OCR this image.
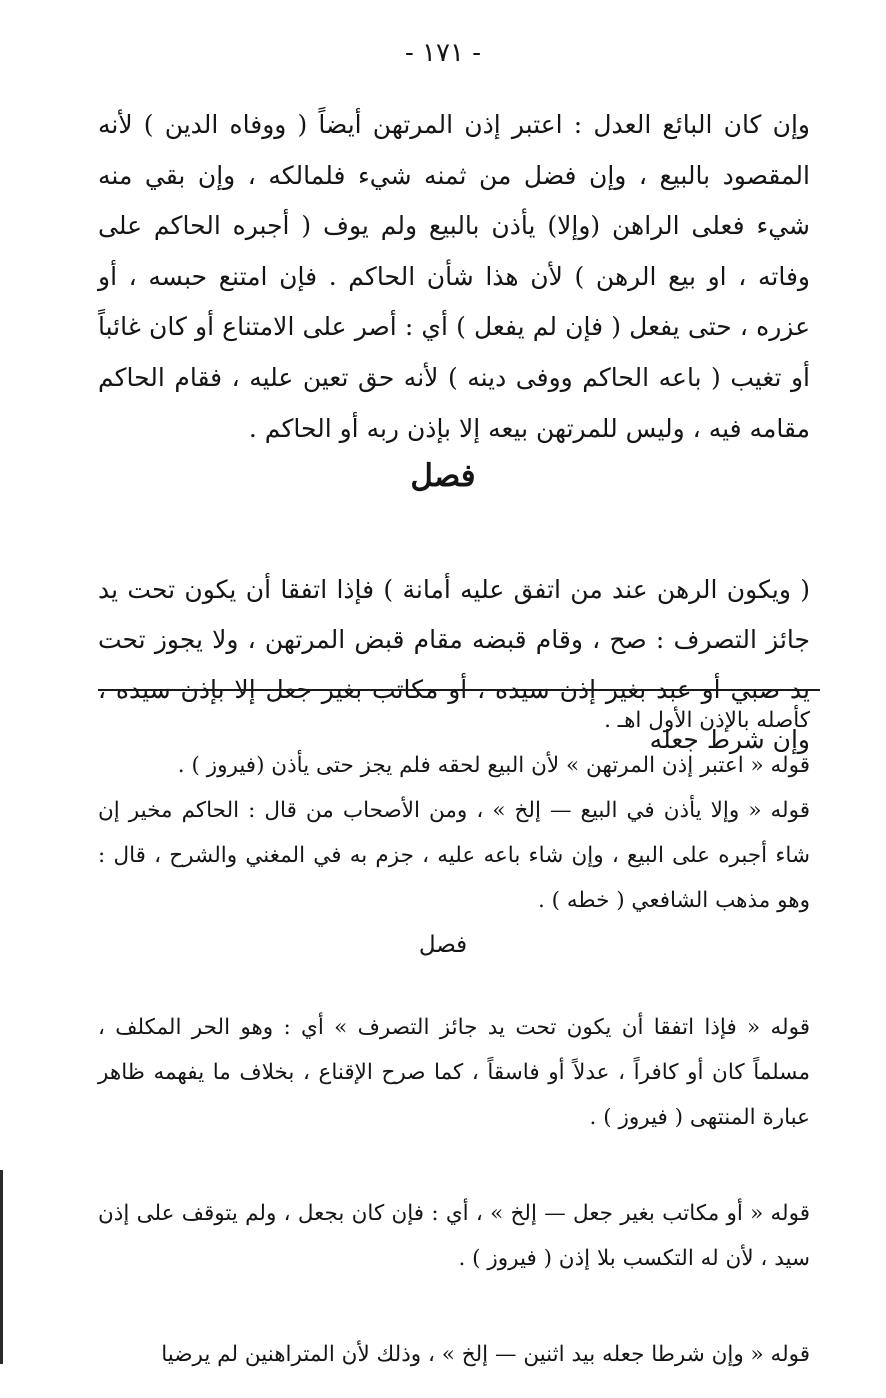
- ١٧١ -

وإن كان البائع العدل : اعتبر إذن المرتهن أيضاً ( ووفاه الدين ) لأنه المقصود بالبيع ، وإن فضل من ثمنه شيء فلمالكه ، وإن بقي منه شيء فعلى الراهن (وإلا) يأذن بالبيع ولم يوف ( أجبره الحاكم على وفاته ، او بيع الرهن ) لأن هذا شأن الحاكم . فإن امتنع حبسه ، أو عزره ، حتى يفعل ( فإن لم يفعل ) أي : أصر على الامتناع أو كان غائباً أو تغيب ( باعه الحاكم ووفى دينه ) لأنه حق تعين عليه ، فقام الحاكم مقامه فيه ، وليس للمرتهن بيعه إلا بإذن ربه أو الحاكم .

فصل

( ويكون الرهن عند من اتفق عليه أمانة ) فإذا اتفقا أن يكون تحت يد جائز التصرف : صح ، وقام قبضه مقام قبض المرتهن ، ولا يجوز تحت يد صبي أو عبد بغير إذن سيده ، أو مكاتب بغير جعل إلا بإذن سيده ، وإن شرط جعله

كأصله بالإذن الأول اهـ .

قوله « اعتبر إذن المرتهن » لأن البيع لحقه فلم يجز حتى يأذن (فيروز ) .

قوله « وإلا يأذن في البيع — إلخ » ، ومن الأصحاب من قال : الحاكم مخير إن شاء أجبره على البيع ، وإن شاء باعه عليه ، جزم به في المغني والشرح ، قال : وهو مذهب الشافعي ( خطه ) .

فصل

قوله « فإذا اتفقا أن يكون تحت يد جائز التصرف » أي : وهو الحر المكلف ، مسلماً كان أو كافراً ، عدلاً أو فاسقاً ، كما صرح الإقناع ، بخلاف ما يفهمه ظاهر عبارة المنتهى ( فيروز ) .

قوله « أو مكاتب بغير جعل — إلخ » ، أي : فإن كان بجعل ، ولم يتوقف على إذن سيد ، لأن له التكسب بلا إذن ( فيروز ) .

قوله « وإن شرطا جعله بيد اثنين — إلخ » ، وذلك لأن المتراهنين لم يرضيا
